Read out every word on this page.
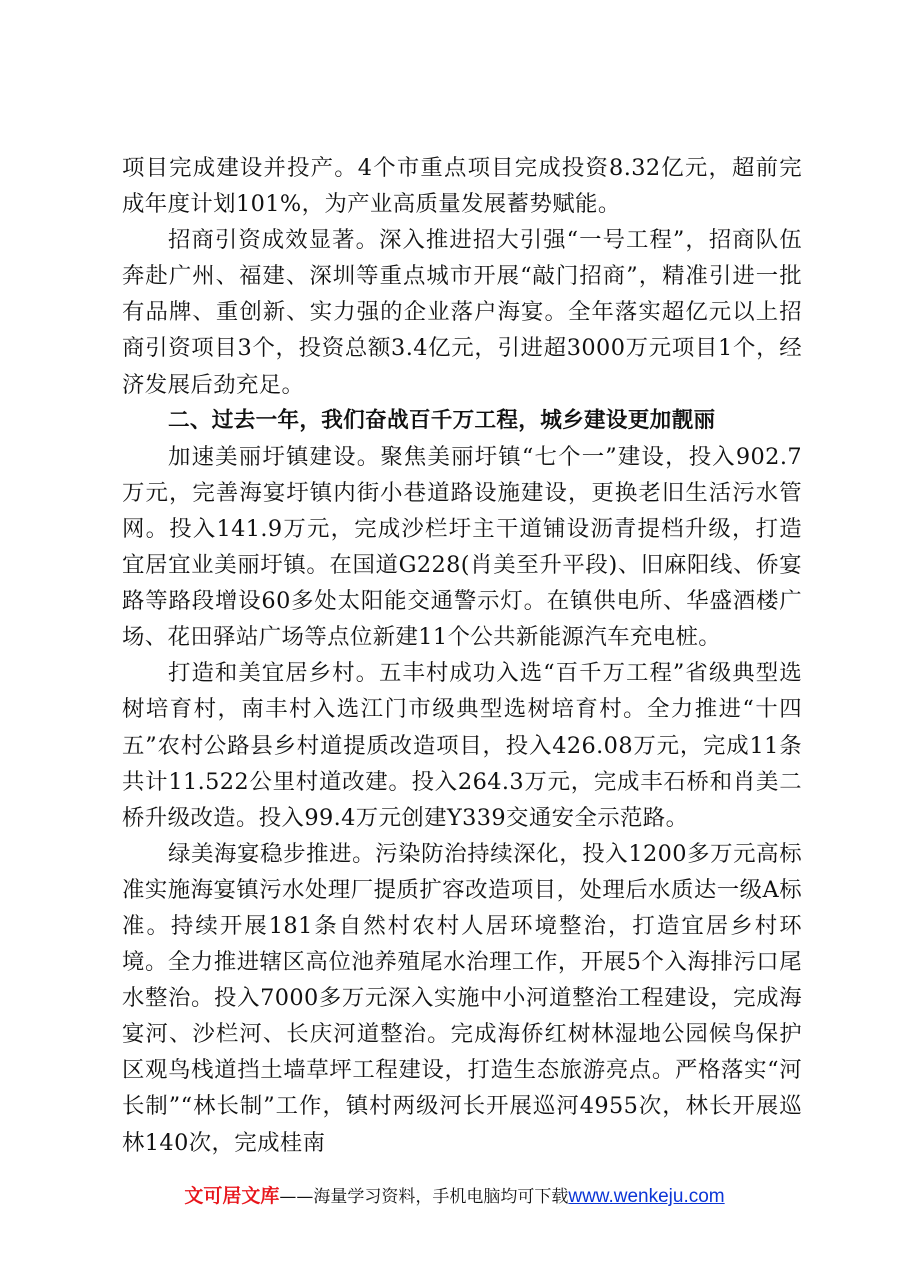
项目完成建设并投产。4个市重点项目完成投资8.32亿元，超前完成年度计划101%，为产业高质量发展蓄势赋能。

招商引资成效显著。深入推进招大引强“一号工程”，招商队伍奔赴广州、福建、深圳等重点城市开展“敲门招商”，精准引进一批有品牌、重创新、实力强的企业落户海宴。全年落实超亿元以上招商引资项目3个，投资总额3.4亿元，引进超3000万元项目1个，经济发展后劲充足。

二、过去一年，我们奋战百千万工程，城乡建设更加靓丽

加速美丽圩镇建设。聚焦美丽圩镇“七个一”建设，投入902.7万元，完善海宴圩镇内街小巷道路设施建设，更换老旧生活污水管网。投入141.9万元，完成沙栏圩主干道铺设沥青提档升级，打造宜居宜业美丽圩镇。在国道G228(肖美至升平段)、旧麻阳线、侨宴路等路段增设60多处太阳能交通警示灯。在镇供电所、华盛酒楼广场、花田驿站广场等点位新建11个公共新能源汽车充电桩。

打造和美宜居乡村。五丰村成功入选“百千万工程”省级典型选树培育村，南丰村入选江门市级典型选树培育村。全力推进“十四五”农村公路县乡村道提质改造项目，投入426.08万元，完成11条共计11.522公里村道改建。投入264.3万元，完成丰石桥和肖美二桥升级改造。投入99.4万元创建Y339交通安全示范路。

绿美海宴稳步推进。污染防治持续深化，投入1200多万元高标准实施海宴镇污水处理厂提质扩容改造项目，处理后水质达一级A标准。持续开展181条自然村农村人居环境整治，打造宜居乡村环境。全力推进辖区高位池养殖尾水治理工作，开展5个入海排污口尾水整治。投入7000多万元深入实施中小河道整治工程建设，完成海宴河、沙栏河、长庆河道整治。完成海侨红树林湿地公园候鸟保护区观鸟栈道挡土墙草坪工程建设，打造生态旅游亮点。严格落实“河长制”“林长制”工作，镇村两级河长开展巡河4955次，林长开展巡林140次，完成桂南

文可居文库——海量学习资料，手机电脑均可下载www.wenkeju.com
